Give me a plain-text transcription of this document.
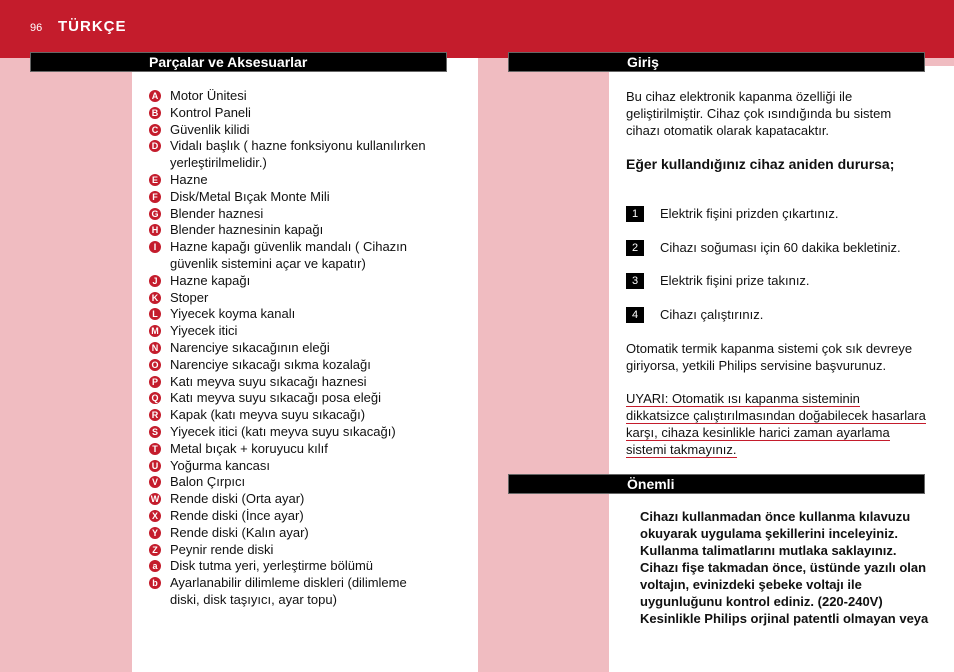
96 TÜRKÇE
Parçalar ve Aksesuarlar
A Motor Ünitesi
B Kontrol Paneli
C Güvenlik kilidi
D Vidalı başlık ( hazne fonksiyonu kullanılırken yerleştirilmelidir.)
E Hazne
F Disk/Metal Bıçak Monte Mili
G Blender haznesi
H Blender haznesinin kapağı
I	Hazne kapağı güvenlik mandalı ( Cihazın güvenlik sistemini açar ve kapatır)
J Hazne kapağı
K Stoper
L Yiyecek koyma kanalı
M Yiyecek itici
N Narenciye sıkacağının eleği
O Narenciye sıkacağı sıkma kozalağı
P Katı meyva suyu sıkacağı haznesi
Q Katı meyva suyu sıkacağı posa eleği
R Kapak (katı meyva suyu sıkacağı)
S Yiyecek itici (katı meyva suyu sıkacağı)
T Metal bıçak + koruyucu kılıf
U Yoğurma kancası
V Balon Çırpıcı
W Rende diski (Orta ayar)
X Rende diski (İnce ayar)
Y Rende diski (Kalın ayar)
Z Peynir rende diski
a Disk tutma yeri, yerleştirme bölümü
b Ayarlanabilir dilimleme diskleri (dilimleme diski, disk taşıyıcı, ayar topu)
Giriş
Bu cihaz elektronik kapanma özelliği ile geliştirilmiştir. Cihaz çok ısındığında bu sistem cihazı otomatik olarak kapatacaktır.
Eğer kullandığınız cihaz aniden durursa;
1	Elektrik fişini prizden çıkartınız.
2	Cihazı soğuması için 60 dakika bekletiniz.
3	Elektrik fişini prize takınız.
4	Cihazı çalıştırınız.
Otomatik termik kapanma sistemi çok sık devreye giriyorsa, yetkili Philips servisine başvurunuz.
UYARI: Otomatik ısı kapanma sisteminin dikkatsizce çalıştırılmasından doğabilecek hasarlara karşı, cihaza kesinlikle harici zaman ayarlama sistemi takmayınız.
Önemli
Cihazı kullanmadan önce kullanma kılavuzu okuyarak uygulama şekillerini inceleyiniz. Kullanma talimatlarını mutlaka saklayınız. Cihazı fişe takmadan önce, üstünde yazılı olan voltajın, evinizdeki şebeke voltajı ile uygunluğunu kontrol ediniz. (220-240V) Kesinlikle Philips orjinal patentli olmayan veya
